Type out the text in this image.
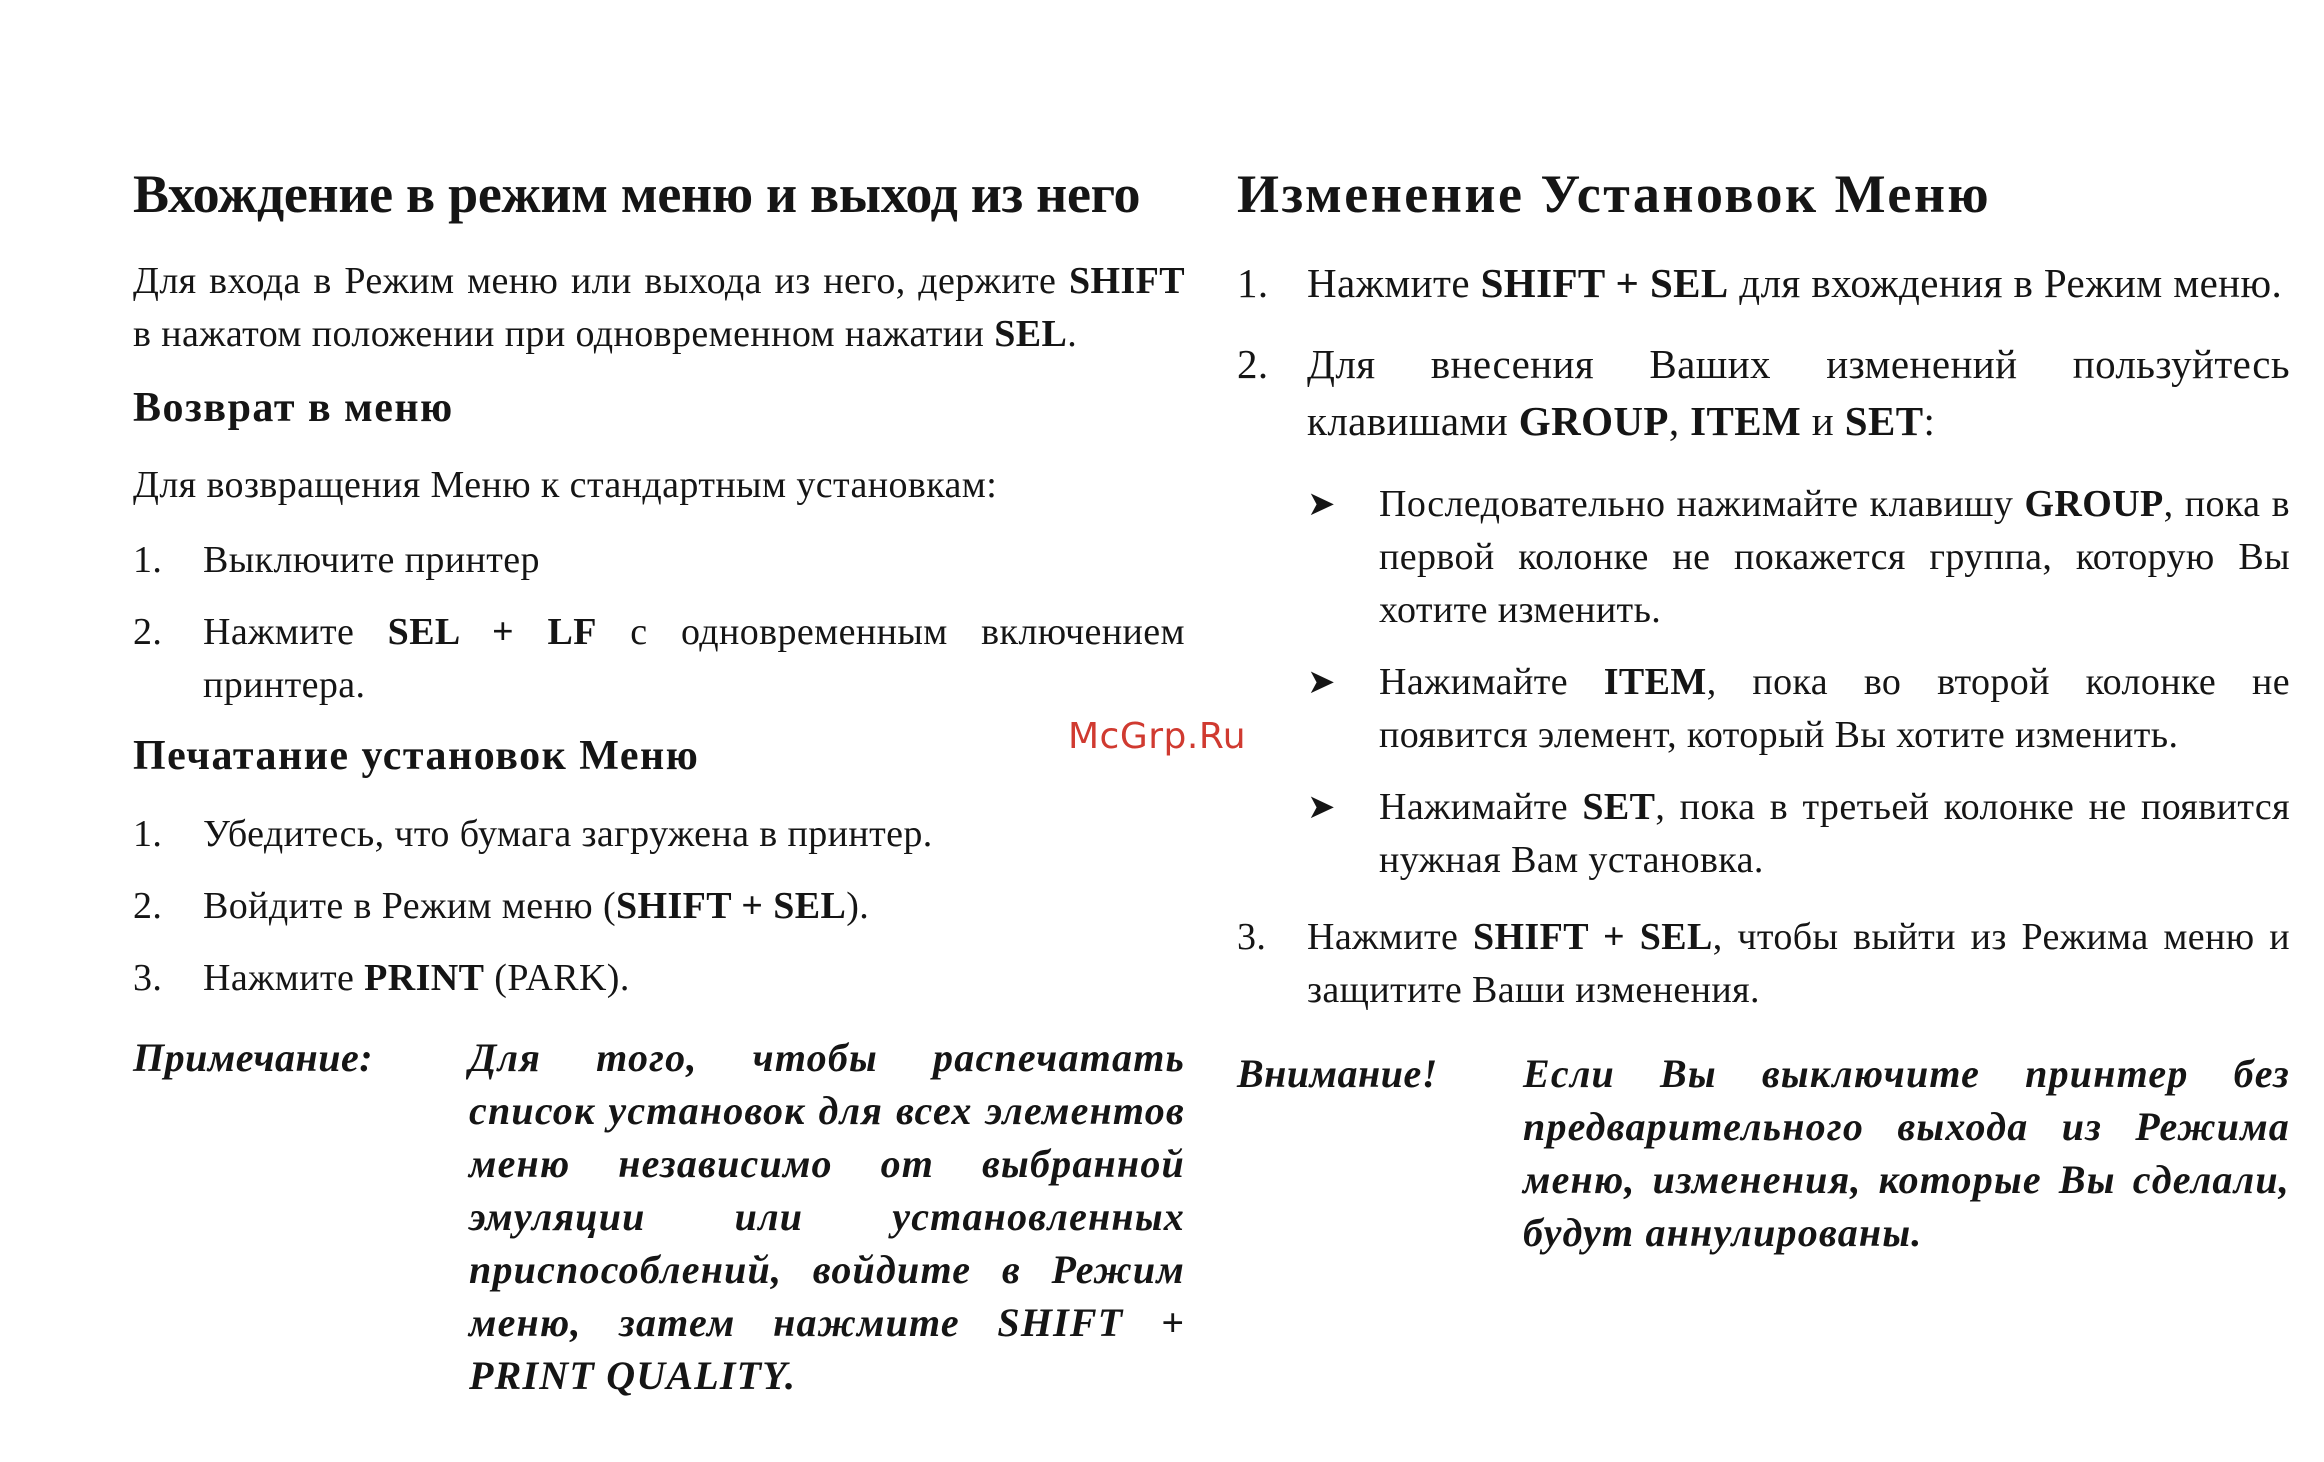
Вхождение в режим меню и выход из него

Для входа в Режим меню или выхода из него, держите SHIFT в нажатом положении при одновременном нажатии SEL.

Возврат в меню

Для возвращения Меню к стандартным установкам:

1. Выключите принтер
2. Нажмите SEL + LF с одновременным включением принтера.
Печатание установок Меню
1. Убедитесь, что бумага загружена в принтер.
2. Войдите в Режим меню (SHIFT + SEL).
3. Нажмите PRINT (PARK).
Примечание:	Для того, чтобы распечатать список установок для всех элементов меню независимо от выбранной эмуляции или установленных приспособлений, войдите в Режим меню, затем нажмите SHIFT + PRINT QUALITY.
Изменение Установок Меню
1. Нажмите SHIFT + SEL для вхождения в Режим меню.
2. Для внесения Ваших изменений пользуйтесь клавишами GROUP, ITEM и SET:
➤ Последовательно нажимайте клавишу GROUP, пока в первой колонке не покажется группа, которую Вы хотите изменить.
➤ Нажимайте ITEM, пока во второй колонке не появится элемент, который Вы хотите изменить.
➤ Нажимайте SET, пока в третьей колонке не появится нужная Вам установка.
3. Нажмите SHIFT + SEL, чтобы выйти из Режима меню и защитите Ваши изменения.
Внимание!	Если Вы выключите принтер без предварительного выхода из Режима меню, изменения, которые Вы сделали, будут аннулированы.
McGrp.Ru
